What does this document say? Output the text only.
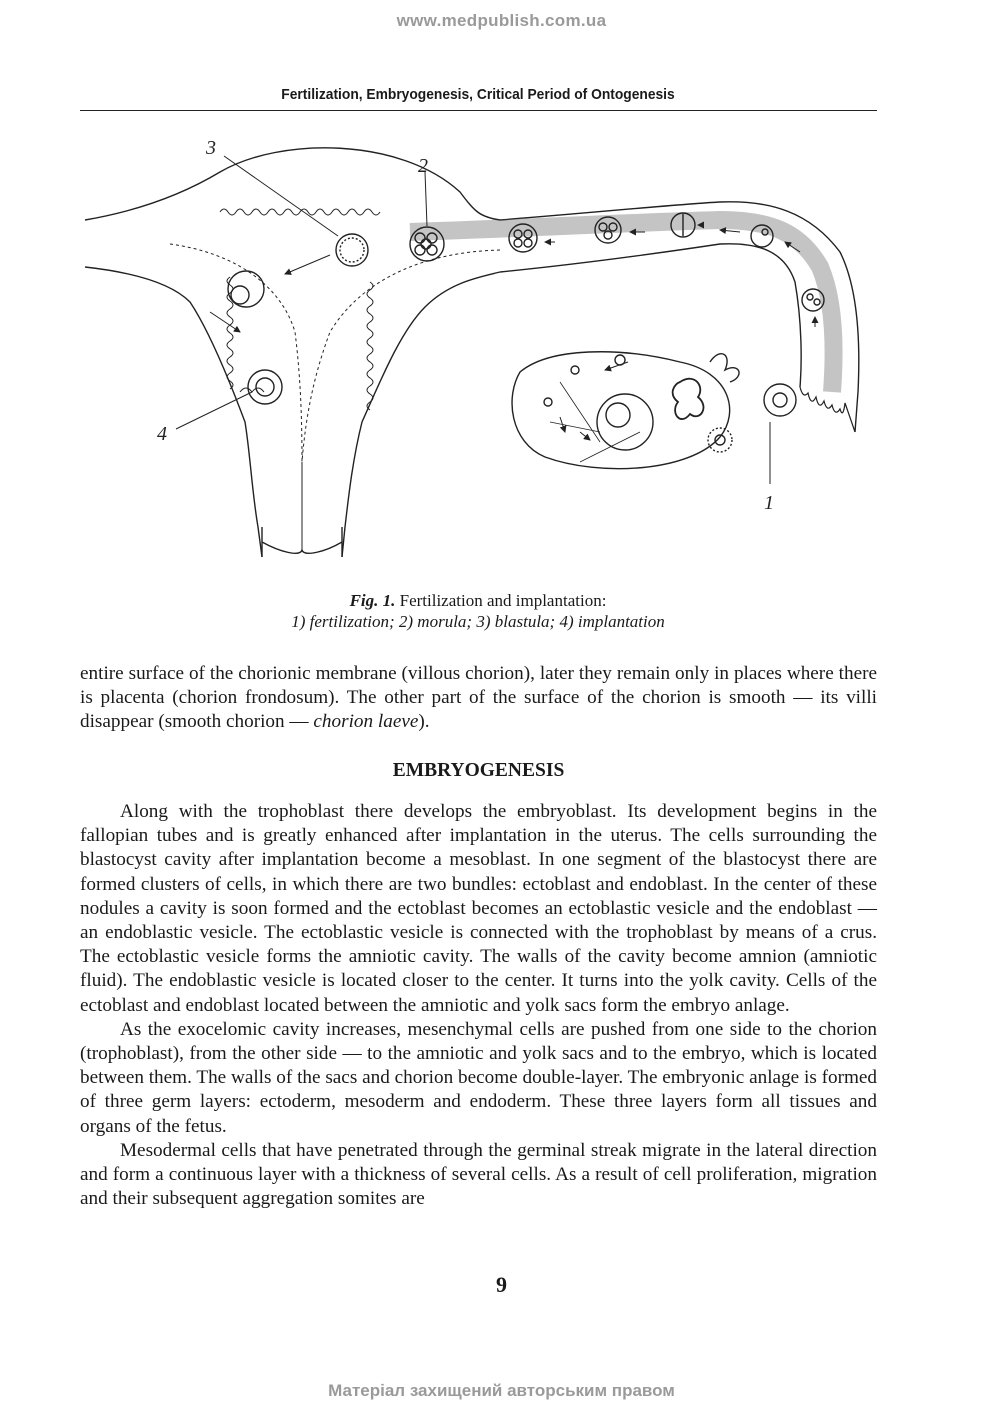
www.medpublish.com.ua
Fertilization, Embryogenesis, Critical Period of Ontogenesis
3
2
4
1
Fig. 1. Fertilization and implantation:
1) fertilization; 2) morula; 3) blastula; 4) implantation

entire surface of the chorionic membrane (villous chorion), later they remain only in places where there is placenta (chorion frondosum). The other part of the surface of the chorion is smooth — its villi disappear (smooth chorion — chorion laeve).

EMBRYOGENESIS

Along with the trophoblast there develops the embryoblast. Its development begins in the fallopian tubes and is greatly enhanced after implantation in the uterus. The cells surrounding the blastocyst cavity after implantation become a mesoblast. In one segment of the blastocyst there are formed clusters of cells, in which there are two bundles: ectoblast and endoblast. In the center of these nodules a cavity is soon formed and the ectoblast becomes an ectoblastic vesicle and the endoblast — an endoblastic vesicle. The ectoblastic vesicle is connected with the trophoblast by means of a crus. The ectoblastic vesicle forms the amniotic cavity. The walls of the cavity become amnion (amniotic fluid). The endoblastic vesicle is located closer to the center. It turns into the yolk cavity. Cells of the ectoblast and endoblast located between the amniotic and yolk sacs form the embryo anlage.

As the exocelomic cavity increases, mesenchymal cells are pushed from one side to the chorion (trophoblast), from the other side — to the amniotic and yolk sacs and to the embryo, which is located between them. The walls of the sacs and chorion become double-layer. The embryonic anlage is formed of three germ layers: ectoderm, mesoderm and endoderm. These three layers form all tissues and organs of the fetus.

Mesodermal cells that have penetrated through the germinal streak migrate in the lateral direction and form a continuous layer with a thickness of several cells. As a result of cell proliferation, migration and their subsequent aggregation somites are

9
Матеріал захищений авторським правом
